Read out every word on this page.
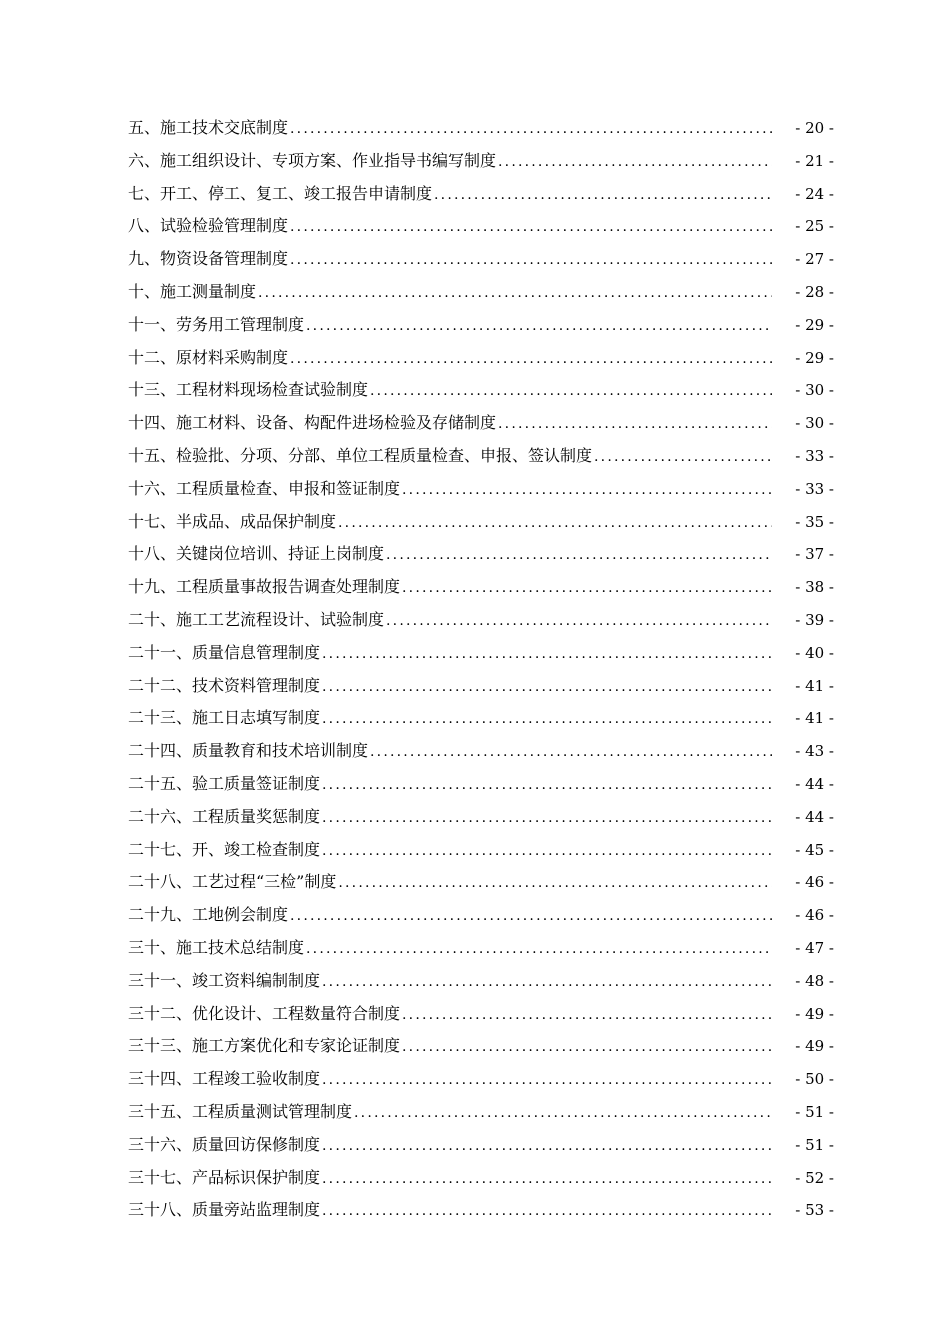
五、施工技术交底制度 .....	- 20 -
六、施工组织设计、专项方案、作业指导书编写制度 .....	- 21 -
七、开工、停工、复工、竣工报告申请制度 .....	- 24 -
八、试验检验管理制度 .....	- 25 -
九、物资设备管理制度 .....	- 27 -
十、施工测量制度 .....	- 28 -
十一、劳务用工管理制度 .....	- 29 -
十二、原材料采购制度 .....	- 29 -
十三、工程材料现场检查试验制度 .....	- 30 -
十四、施工材料、设备、构配件进场检验及存储制度 .....	- 30 -
十五、检验批、分项、分部、单位工程质量检查、申报、签认制度 .....	- 33 -
十六、工程质量检查、申报和签证制度 .....	- 33 -
十七、半成品、成品保护制度 .....	- 35 -
十八、关键岗位培训、持证上岗制度 .....	- 37 -
十九、工程质量事故报告调查处理制度 .....	- 38 -
二十、施工工艺流程设计、试验制度 .....	- 39 -
二十一、质量信息管理制度 .....	- 40 -
二十二、技术资料管理制度 .....	- 41 -
二十三、施工日志填写制度 .....	- 41 -
二十四、质量教育和技术培训制度 .....	- 43 -
二十五、验工质量签证制度 .....	- 44 -
二十六、工程质量奖惩制度 .....	- 44 -
二十七、开、竣工检查制度 .....	- 45 -
二十八、工艺过程“三检”制度 .....	- 46 -
二十九、工地例会制度 .....	- 46 -
三十、施工技术总结制度 .....	- 47 -
三十一、竣工资料编制制度 .....	- 48 -
三十二、优化设计、工程数量符合制度 .....	- 49 -
三十三、施工方案优化和专家论证制度 .....	- 49 -
三十四、工程竣工验收制度 .....	- 50 -
三十五、工程质量测试管理制度 .....	- 51 -
三十六、质量回访保修制度 .....	- 51 -
三十七、产品标识保护制度 .....	- 52 -
三十八、质量旁站监理制度 .....	- 53 -
